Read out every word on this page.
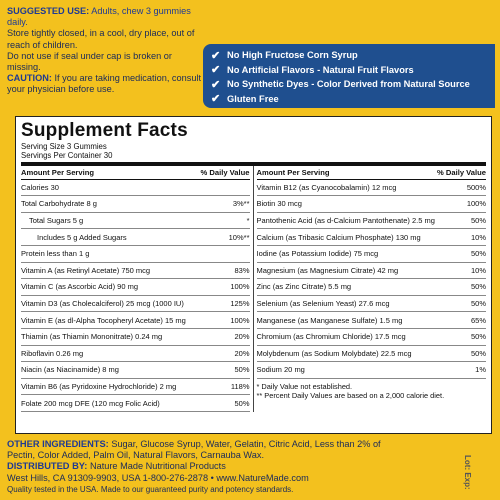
SUGGESTED USE: Adults, chew 3 gummies daily.
Store tightly closed, in a cool, dry place, out of reach of children.
Do not use if seal under cap is broken or missing.
CAUTION: If you are taking medication, consult your physician before use.
✔ No High Fructose Corn Syrup
✔ No Artificial Flavors - Natural Fruit Flavors
✔ No Synthetic Dyes - Color Derived from Natural Source
✔ Gluten Free
Supplement Facts
Serving Size 3 Gummies
Servings Per Container 30
Amount Per Serving	% Daily Value
Calories 30
Total Carbohydrate 8 g	3%**
Total Sugars 5 g	*
Includes 5 g Added Sugars	10%**
Protein less than 1 g
Vitamin A (as Retinyl Acetate) 750 mcg	83%
Vitamin C (as Ascorbic Acid) 90 mg	100%
Vitamin D3 (as Cholecalciferol) 25 mcg (1000 IU)	125%
Vitamin E (as dl-Alpha Tocopheryl Acetate) 15 mg	100%
Thiamin (as Thiamin Mononitrate) 0.24 mg	20%
Riboflavin 0.26 mg	20%
Niacin (as Niacinamide) 8 mg	50%
Vitamin B6 (as Pyridoxine Hydrochloride) 2 mg	118%
Folate 200 mcg DFE (120 mcg Folic Acid)	50%
Amount Per Serving	% Daily Value
Vitamin B12 (as Cyanocobalamin) 12 mcg	500%
Biotin 30 mcg	100%
Pantothenic Acid (as d-Calcium Pantothenate) 2.5 mg	50%
Calcium (as Tribasic Calcium Phosphate) 130 mg	10%
Iodine (as Potassium Iodide) 75 mcg	50%
Magnesium (as Magnesium Citrate) 42 mg	10%
Zinc (as Zinc Citrate) 5.5 mg	50%
Selenium (as Selenium Yeast) 27.6 mcg	50%
Manganese (as Manganese Sulfate) 1.5 mg	65%
Chromium (as Chromium Chloride) 17.5 mcg	50%
Molybdenum (as Sodium Molybdate) 22.5 mcg	50%
Sodium 20 mg	1%
* Daily Value not established.
** Percent Daily Values are based on a 2,000 calorie diet.
OTHER INGREDIENTS: Sugar, Glucose Syrup, Water, Gelatin, Citric Acid, Less than 2% of Pectin, Color Added, Palm Oil, Natural Flavors, Carnauba Wax.
DISTRIBUTED BY: Nature Made Nutritional Products
West Hills, CA 91309-9903, USA 1-800-276-2878 • www.NatureMade.com
Quality tested in the USA. Made to our guaranteed purity and potency standards.	Lot: Exp:
